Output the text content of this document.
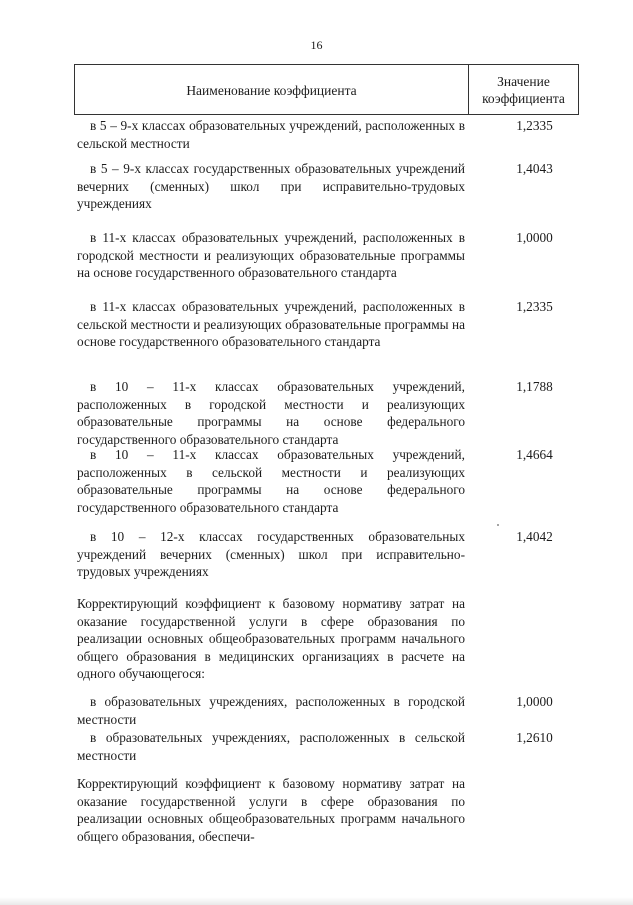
16
Наименование коэффициента
Значение
коэффициента
в 5 – 9-х классах образовательных учреждений, расположенных в сельской местности
1,2335
в 5 – 9-х классах государственных образовательных учреждений вечерних (сменных) школ при исправительно-трудовых учреждениях
1,4043
в 11-х классах образовательных учреждений, расположенных в городской местности и реализующих образовательные программы на основе государственного образовательного стандарта
1,0000
в 11-х классах образовательных учреждений, расположенных в сельской местности и реализующих образовательные программы на основе государственного образовательного стандарта
1,2335
в 10 – 11-х классах образовательных учреждений, расположенных в городской местности и реализующих образовательные программы на основе федерального государственного образовательного стандарта
1,1788
в 10 – 11-х классах образовательных учреждений, расположенных в сельской местности и реализующих образовательные программы на основе федерального государственного образовательного стандарта
1,4664
в 10 – 12-х классах государственных образовательных учреждений вечерних (сменных) школ при исправительно-трудовых учреждениях
1,4042
Корректирующий коэффициент к базовому нормативу затрат на оказание государственной услуги в сфере образования по реализации основных общеобразовательных программ начального общего образования в медицинских организациях в расчете на одного обучающегося:
в образовательных учреждениях, расположенных в городской местности
1,0000
в образовательных учреждениях, расположенных в сельской местности
1,2610
Корректирующий коэффициент к базовому нормативу затрат на оказание государственной услуги в сфере образования по реализации основных общеобразовательных программ начального общего образования, обеспечи-
